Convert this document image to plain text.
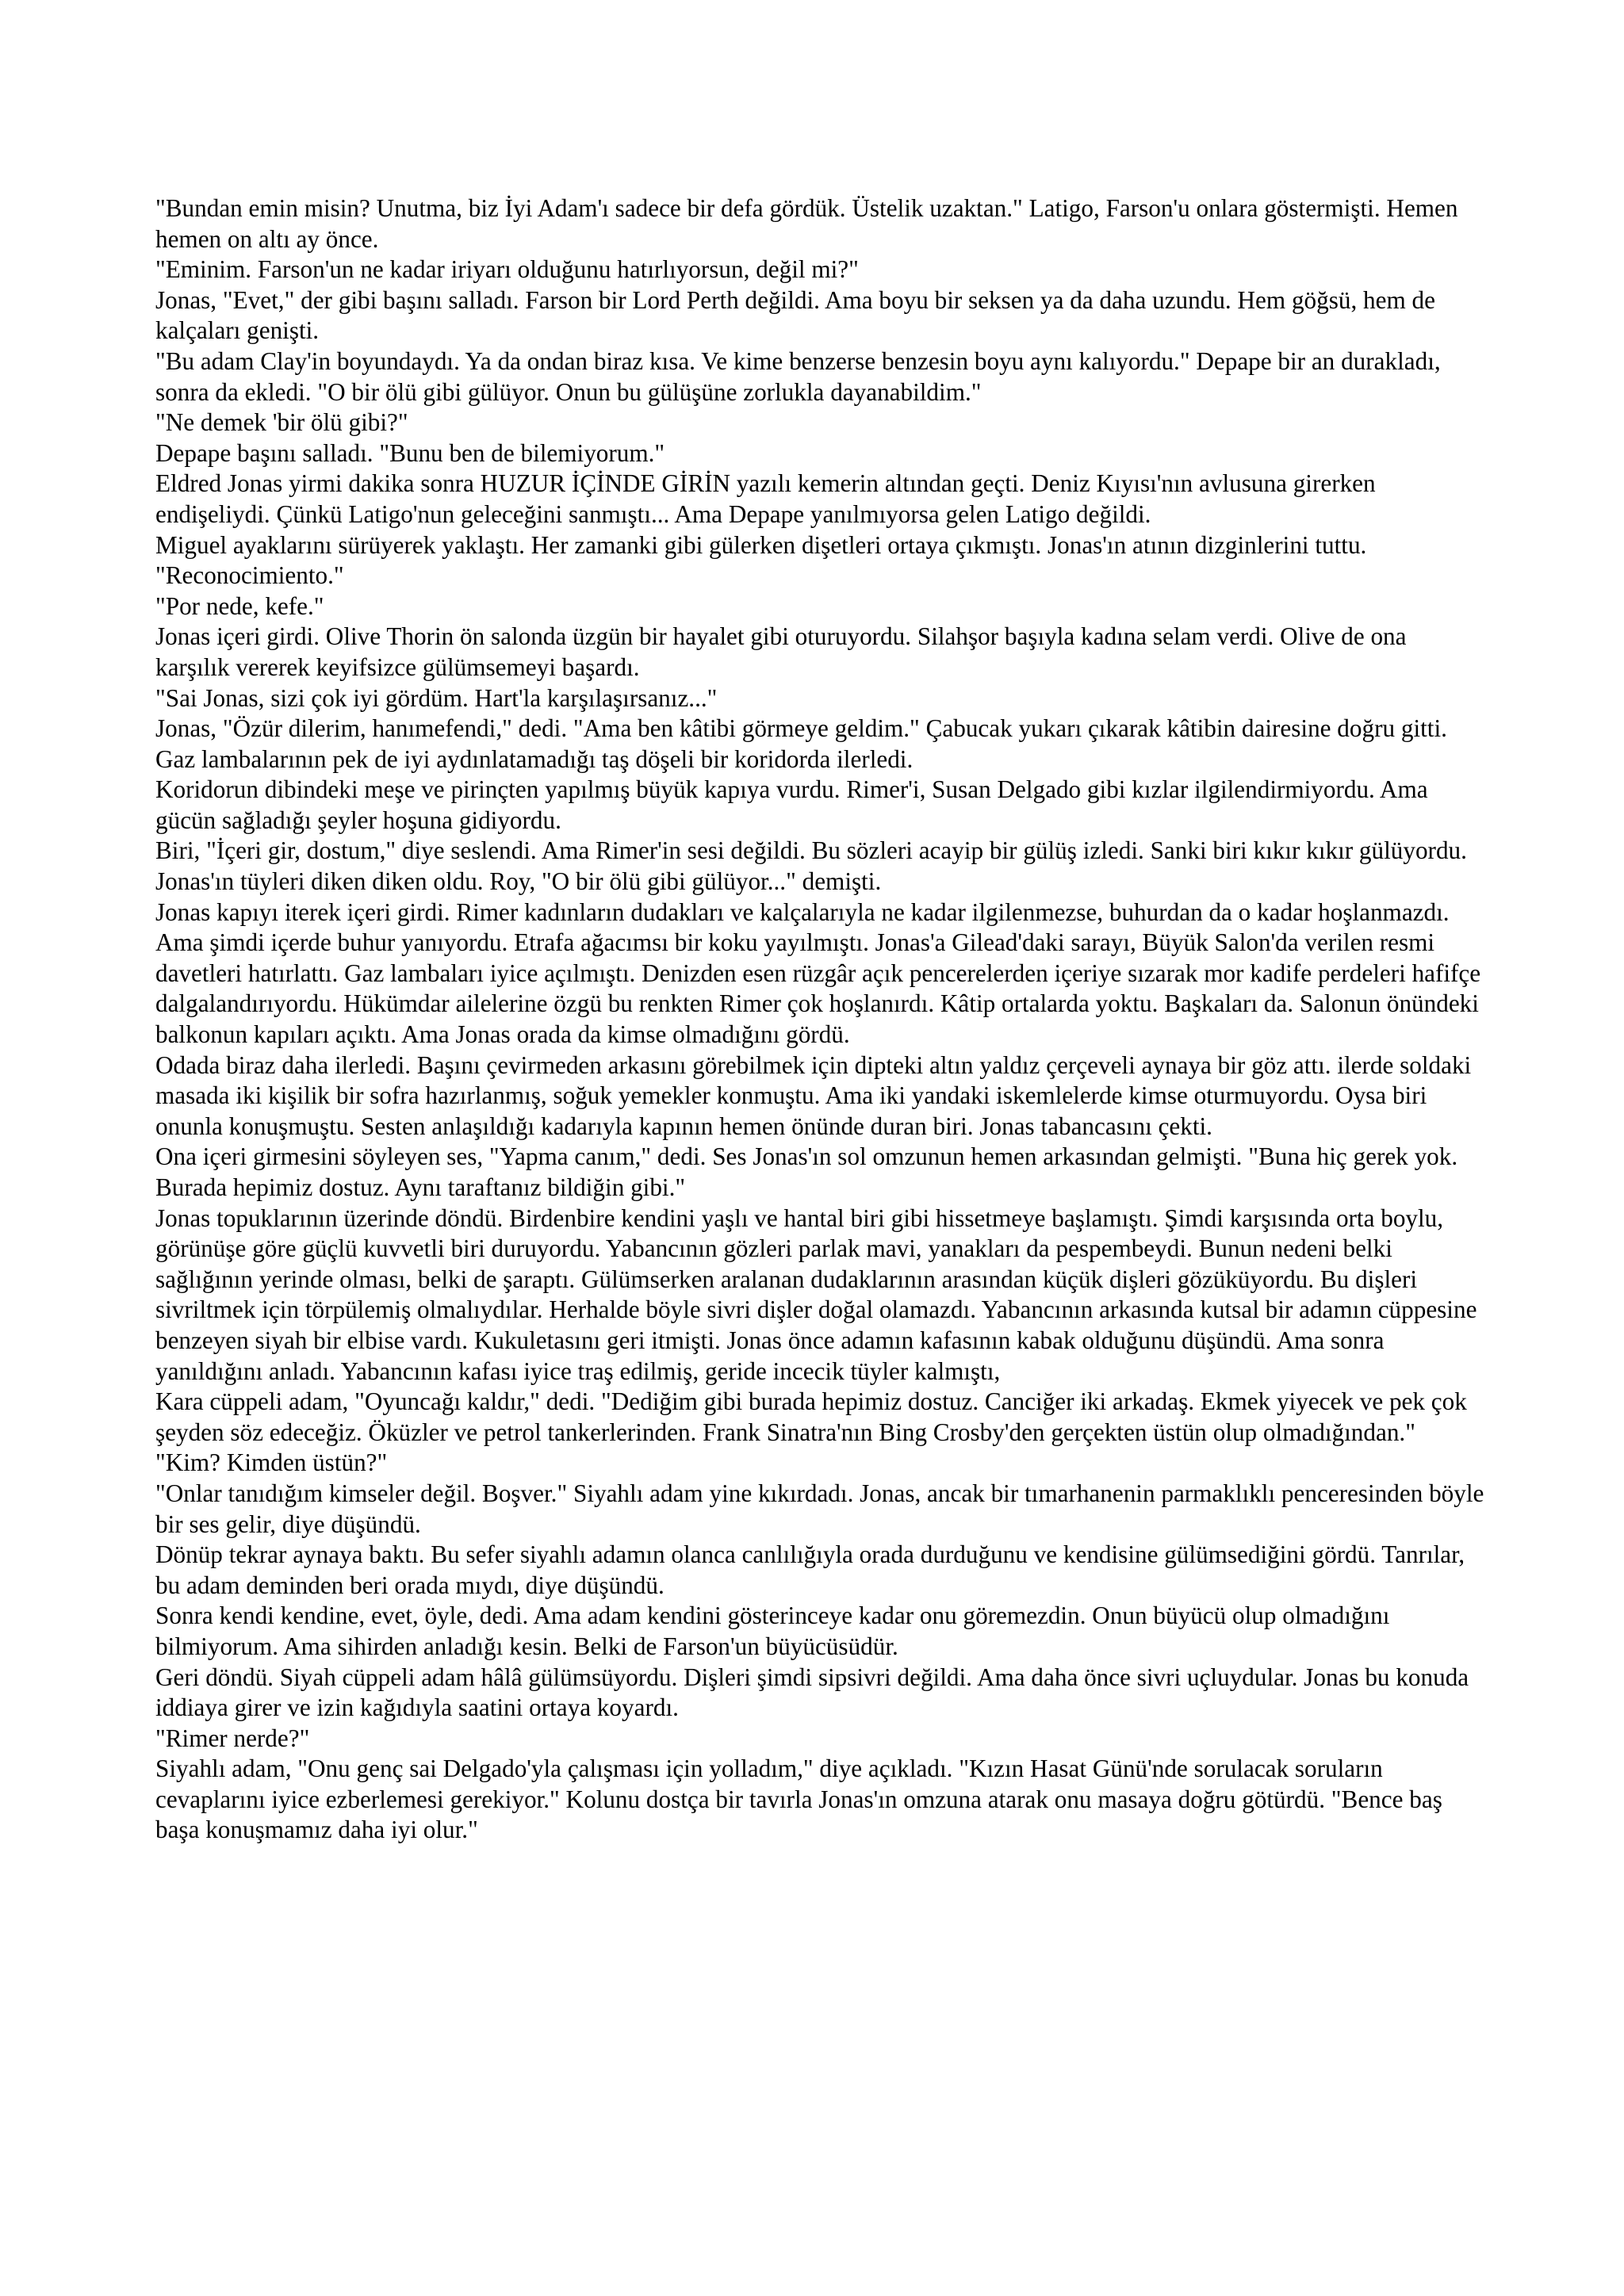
"Bundan emin misin? Unutma, biz İyi Adam'ı sadece bir defa gördük. Üstelik uzaktan." Latigo, Farson'u onlara göstermişti. Hemen hemen on altı ay önce.

"Eminim. Farson'un ne kadar iriyarı olduğunu hatırlıyorsun, değil mi?"

Jonas, "Evet," der gibi başını salladı. Farson bir Lord Perth değildi. Ama boyu bir seksen ya da daha uzundu. Hem göğsü, hem de kalçaları genişti.

"Bu adam Clay'in boyundaydı. Ya da ondan biraz kısa. Ve kime benzerse benzesin boyu aynı kalıyordu." Depape bir an durakladı, sonra da ekledi. "O bir ölü gibi gülüyor. Onun bu gülüşüne zorlukla dayanabildim."

"Ne demek 'bir ölü gibi?"

Depape başını salladı. "Bunu ben de bilemiyorum."

Eldred Jonas yirmi dakika sonra HUZUR İÇİNDE GİRİN yazılı kemerin altından geçti. Deniz Kıyısı'nın avlusuna girerken endişeliydi. Çünkü Latigo'nun geleceğini sanmıştı... Ama Depape yanılmıyorsa gelen Latigo değildi.

Miguel ayaklarını sürüyerek yaklaştı. Her zamanki gibi gülerken dişetleri ortaya çıkmıştı. Jonas'ın atının dizginlerini tuttu.

"Reconocimiento."

"Por nede, kefe."

Jonas içeri girdi. Olive Thorin ön salonda üzgün bir hayalet gibi oturuyordu. Silahşor başıyla kadına selam verdi. Olive de ona karşılık vererek keyifsizce gülümsemeyi başardı.

"Sai Jonas, sizi çok iyi gördüm. Hart'la karşılaşırsanız..."

Jonas, "Özür dilerim, hanımefendi," dedi. "Ama ben kâtibi görmeye geldim." Çabucak yukarı çıkarak kâtibin dairesine doğru gitti. Gaz lambalarının pek de iyi aydınlatamadığı taş döşeli bir koridorda ilerledi.

Koridorun dibindeki meşe ve pirinçten yapılmış büyük kapıya vurdu. Rimer'i, Susan Delgado gibi kızlar ilgilendirmiyordu. Ama gücün sağladığı şeyler hoşuna gidiyordu.

Biri, "İçeri gir, dostum," diye seslendi. Ama Rimer'in sesi değildi. Bu sözleri acayip bir gülüş izledi. Sanki biri kıkır kıkır gülüyordu. Jonas'ın tüyleri diken diken oldu. Roy, "O bir ölü gibi gülüyor..." demişti.

Jonas kapıyı iterek içeri girdi. Rimer kadınların dudakları ve kalçalarıyla ne kadar ilgilenmezse, buhurdan da o kadar hoşlanmazdı. Ama şimdi içerde buhur yanıyordu. Etrafa ağacımsı bir koku yayılmıştı. Jonas'a Gilead'daki sarayı, Büyük Salon'da verilen resmi davetleri hatırlattı. Gaz lambaları iyice açılmıştı. Denizden esen rüzgâr açık pencerelerden içeriye sızarak mor kadife perdeleri hafifçe dalgalandırıyordu. Hükümdar ailelerine özgü bu renkten Rimer çok hoşlanırdı. Kâtip ortalarda yoktu. Başkaları da. Salonun önündeki balkonun kapıları açıktı. Ama Jonas orada da kimse olmadığını gördü.

Odada biraz daha ilerledi. Başını çevirmeden arkasını görebilmek için dipteki altın yaldız çerçeveli aynaya bir göz attı. ilerde soldaki masada iki kişilik bir sofra hazırlanmış, soğuk yemekler konmuştu. Ama iki yandaki iskemlelerde kimse oturmuyordu. Oysa biri onunla konuşmuştu. Sesten anlaşıldığı kadarıyla kapının hemen önünde duran biri. Jonas tabancasını çekti.

Ona içeri girmesini söyleyen ses, "Yapma canım," dedi. Ses Jonas'ın sol omzunun hemen arkasından gelmişti. "Buna hiç gerek yok. Burada hepimiz dostuz. Aynı taraftanız bildiğin gibi."

Jonas topuklarının üzerinde döndü. Birdenbire kendini yaşlı ve hantal biri gibi hissetmeye başlamıştı. Şimdi karşısında orta boylu, görünüşe göre güçlü kuvvetli biri duruyordu. Yabancının gözleri parlak mavi, yanakları da pespembeydi. Bunun nedeni belki sağlığının yerinde olması, belki de şaraptı. Gülümserken aralanan dudaklarının arasından küçük dişleri gözüküyordu. Bu dişleri sivriltmek için törpülemiş olmalıydılar. Herhalde böyle sivri dişler doğal olamazdı. Yabancının arkasında kutsal bir adamın cüppesine benzeyen siyah bir elbise vardı. Kukuletasını geri itmişti. Jonas önce adamın kafasının kabak olduğunu düşündü. Ama sonra yanıldığını anladı. Yabancının kafası iyice traş edilmiş, geride incecik tüyler kalmıştı,

Kara cüppeli adam, "Oyuncağı kaldır," dedi. "Dediğim gibi burada hepimiz dostuz. Canciğer iki arkadaş. Ekmek yiyecek ve pek çok şeyden söz edeceğiz. Öküzler ve petrol tankerlerinden. Frank Sinatra'nın Bing Crosby'den gerçekten üstün olup olmadığından."

"Kim? Kimden üstün?"

"Onlar tanıdığım kimseler değil. Boşver." Siyahlı adam yine kıkırdadı. Jonas, ancak bir tımarhanenin parmaklıklı penceresinden böyle bir ses gelir, diye düşündü.

Dönüp tekrar aynaya baktı. Bu sefer siyahlı adamın olanca canlılığıyla orada durduğunu ve kendisine gülümsediğini gördü. Tanrılar, bu adam deminden beri orada mıydı, diye düşündü.

Sonra kendi kendine, evet, öyle, dedi. Ama adam kendini gösterinceye kadar onu göremezdin. Onun büyücü olup olmadığını bilmiyorum. Ama sihirden anladığı kesin. Belki de Farson'un büyücüsüdür.

Geri döndü. Siyah cüppeli adam hâlâ gülümsüyordu. Dişleri şimdi sipsivri değildi. Ama daha önce sivri uçluydular. Jonas bu konuda iddiaya girer ve izin kağıdıyla saatini ortaya koyardı.

"Rimer nerde?"

Siyahlı adam, "Onu genç sai Delgado'yla çalışması için yolladım," diye açıkladı. "Kızın Hasat Günü'nde sorulacak soruların cevaplarını iyice ezberlemesi gerekiyor." Kolunu dostça bir tavırla Jonas'ın omzuna atarak onu masaya doğru götürdü. "Bence baş başa konuşmamız daha iyi olur."
